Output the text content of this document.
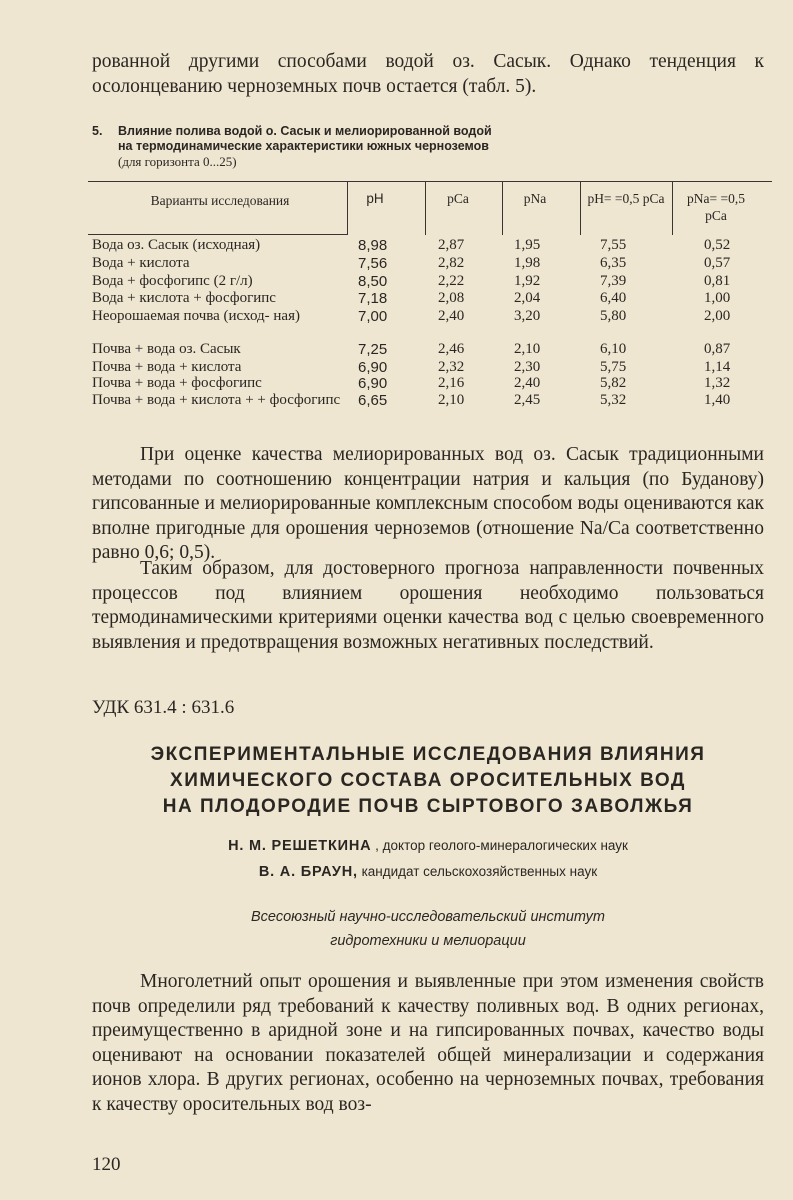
рованной другими способами водой оз. Сасык. Однако тенденция к осолонцеванию черноземных почв остается (табл. 5).

5. Влияние полива водой о. Сасык и мелиорированной водой
на термодинамические характеристики южных черноземов
(для горизонта 0...25)
Варианты исследования	pH	pCa	pNa	pH= =0,5 pCa	pNa= =0,5 pCa
Вода оз. Сасык (исходная)	8,98	2,87	1,95	7,55	0,52
Вода + кислота	7,56	2,82	1,98	6,35	0,57
Вода + фосфогипс (2 г/л)	8,50	2,22	1,92	7,39	0,81
Вода + кислота + фосфогипс	7,18	2,08	2,04	6,40	1,00
Неорошаемая почва (исход- ная)	7,00	2,40	3,20	5,80	2,00
Почва + вода оз. Сасык	7,25	2,46	2,10	6,10	0,87
Почва + вода + кислота	6,90	2,32	2,30	5,75	1,14
Почва + вода + фосфогипс	6,90	2,16	2,40	5,82	1,32
Почва + вода + кислота + + фосфогипс 6,65	2,10	2,45	5,32	1,40

При оценке качества мелиорированных вод оз. Сасык традиционными методами по соотношению концентрации натрия и кальция (по Буданову) гипсованные и мелиорированные комплексным способом воды оцениваются как вполне пригодные для орошения черноземов (отношение Na/Ca соответственно равно 0,6; 0,5).

Таким образом, для достоверного прогноза направленности почвенных процессов под влиянием орошения необходимо пользоваться термодинамическими критериями оценки качества вод с целью своевременного выявления и предотвращения возможных негативных последствий.

УДК 631.4 : 631.6
ЭКСПЕРИМЕНТАЛЬНЫЕ ИССЛЕДОВАНИЯ ВЛИЯНИЯ
ХИМИЧЕСКОГО СОСТАВА ОРОСИТЕЛЬНЫХ ВОД
НА ПЛОДОРОДИЕ ПОЧВ СЫРТОВОГО ЗАВОЛЖЬЯ
Н. М. РЕШЕТКИНА , доктор геолого-минералогических наук
В. А. БРАУН, кандидат сельскохозяйственных наук
Всесоюзный научно-исследовательский институт
гидротехники и мелиорации

Многолетний опыт орошения и выявленные при этом изменения свойств почв определили ряд требований к качеству поливных вод. В одних регионах, преимущественно в аридной зоне и на гипсированных почвах, качество воды оценивают на основании показателей общей минерализации и содержания ионов хлора. В других регионах, особенно на черноземных почвах, требования к качеству оросительных вод воз-

120
